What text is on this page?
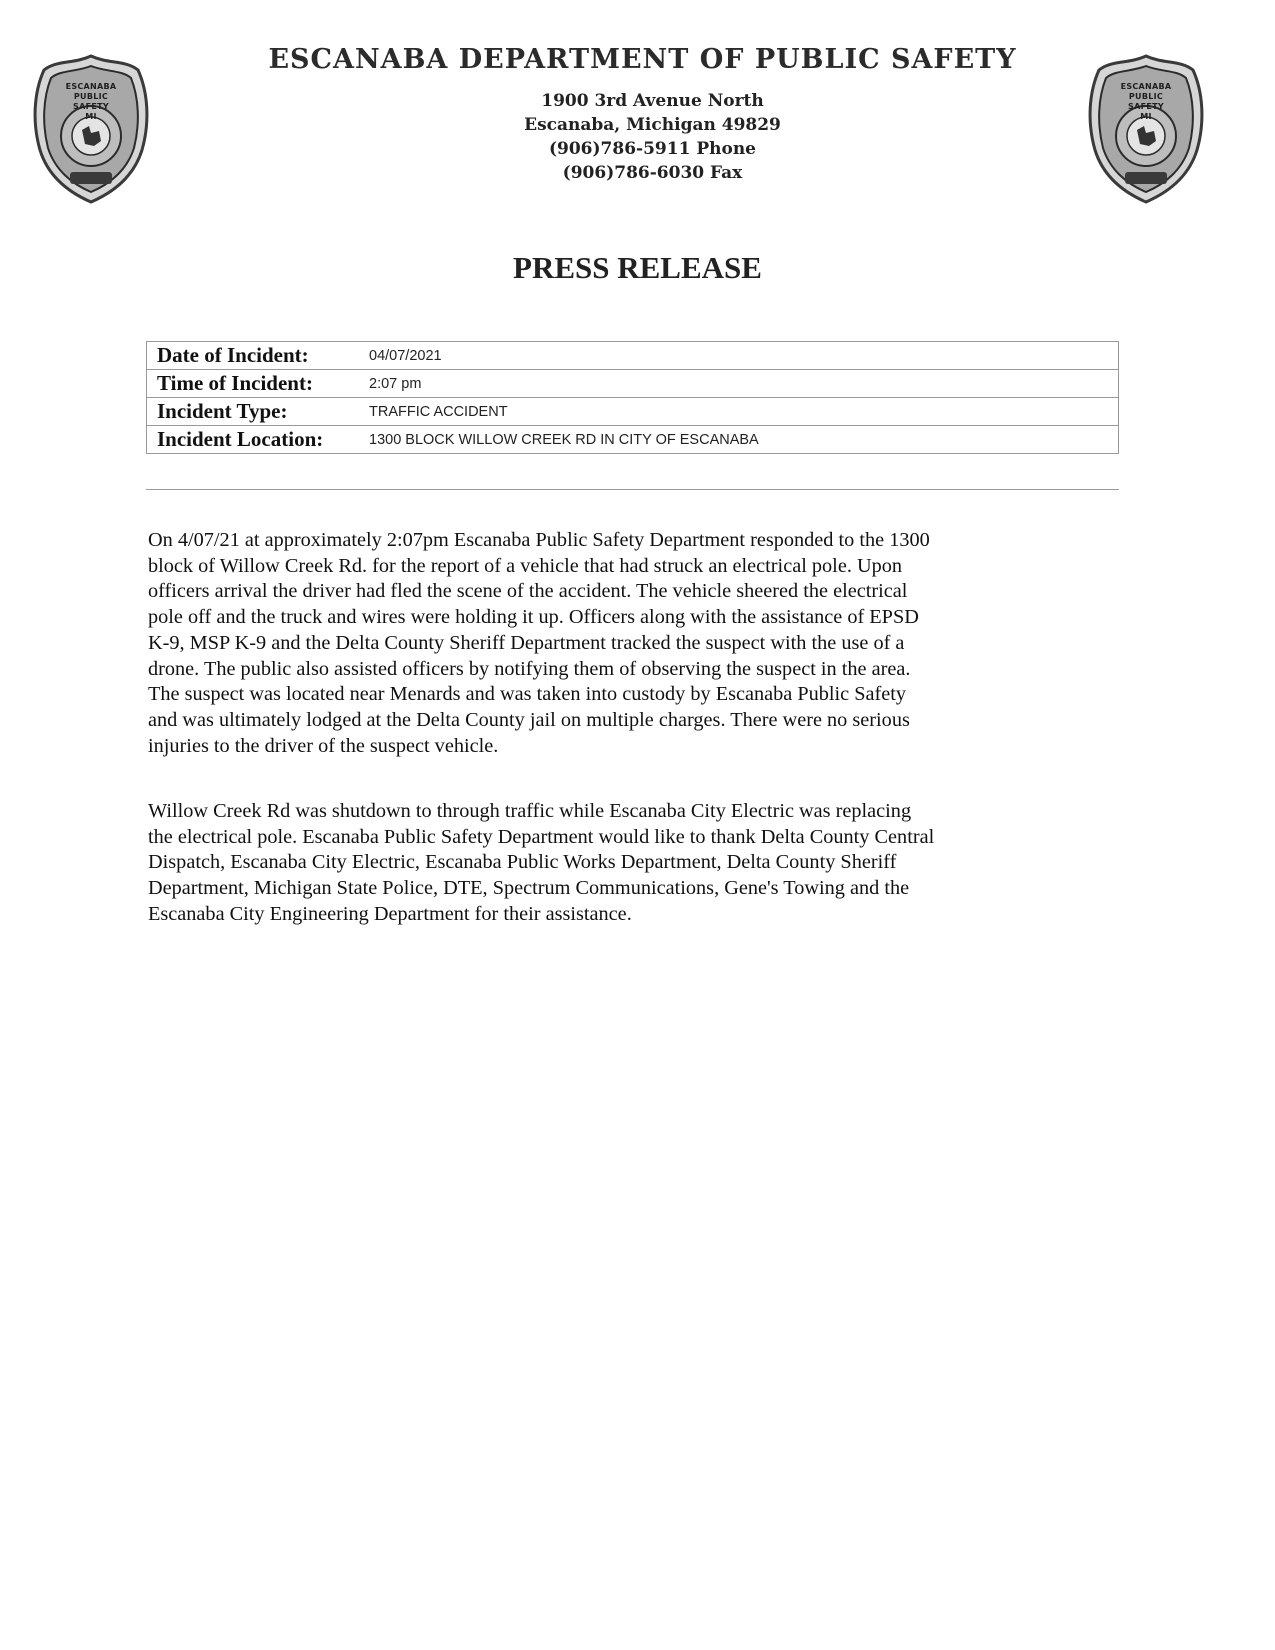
ESCANABA PUBLIC SAFETY MI
ESCANABA PUBLIC SAFETY MI
ESCANABA DEPARTMENT OF PUBLIC SAFETY
1900 3rd Avenue North
Escanaba, Michigan 49829
(906)786-5911 Phone
(906)786-6030 Fax
PRESS RELEASE
Date of Incident:	04/07/2021
Time of Incident:	2:07 pm
Incident Type:	TRAFFIC ACCIDENT
Incident Location:	1300 BLOCK WILLOW CREEK RD IN CITY OF ESCANABA
On 4/07/21 at approximately 2:07pm Escanaba Public Safety Department responded to the 1300
block of Willow Creek Rd. for the report of a vehicle that had struck an electrical pole. Upon
officers arrival the driver had fled the scene of the accident. The vehicle sheered the electrical
pole off and the truck and wires were holding it up. Officers along with the assistance of EPSD
K-9, MSP K-9 and the Delta County Sheriff Department tracked the suspect with the use of a
drone. The public also assisted officers by notifying them of observing the suspect in the area.
The suspect was located near Menards and was taken into custody by Escanaba Public Safety
and was ultimately lodged at the Delta County jail on multiple charges. There were no serious
injuries to the driver of the suspect vehicle.
Willow Creek Rd was shutdown to through traffic while Escanaba City Electric was replacing
the electrical pole. Escanaba Public Safety Department would like to thank Delta County Central
Dispatch, Escanaba City Electric, Escanaba Public Works Department, Delta County Sheriff
Department, Michigan State Police, DTE, Spectrum Communications, Gene's Towing and the
Escanaba City Engineering Department for their assistance.
